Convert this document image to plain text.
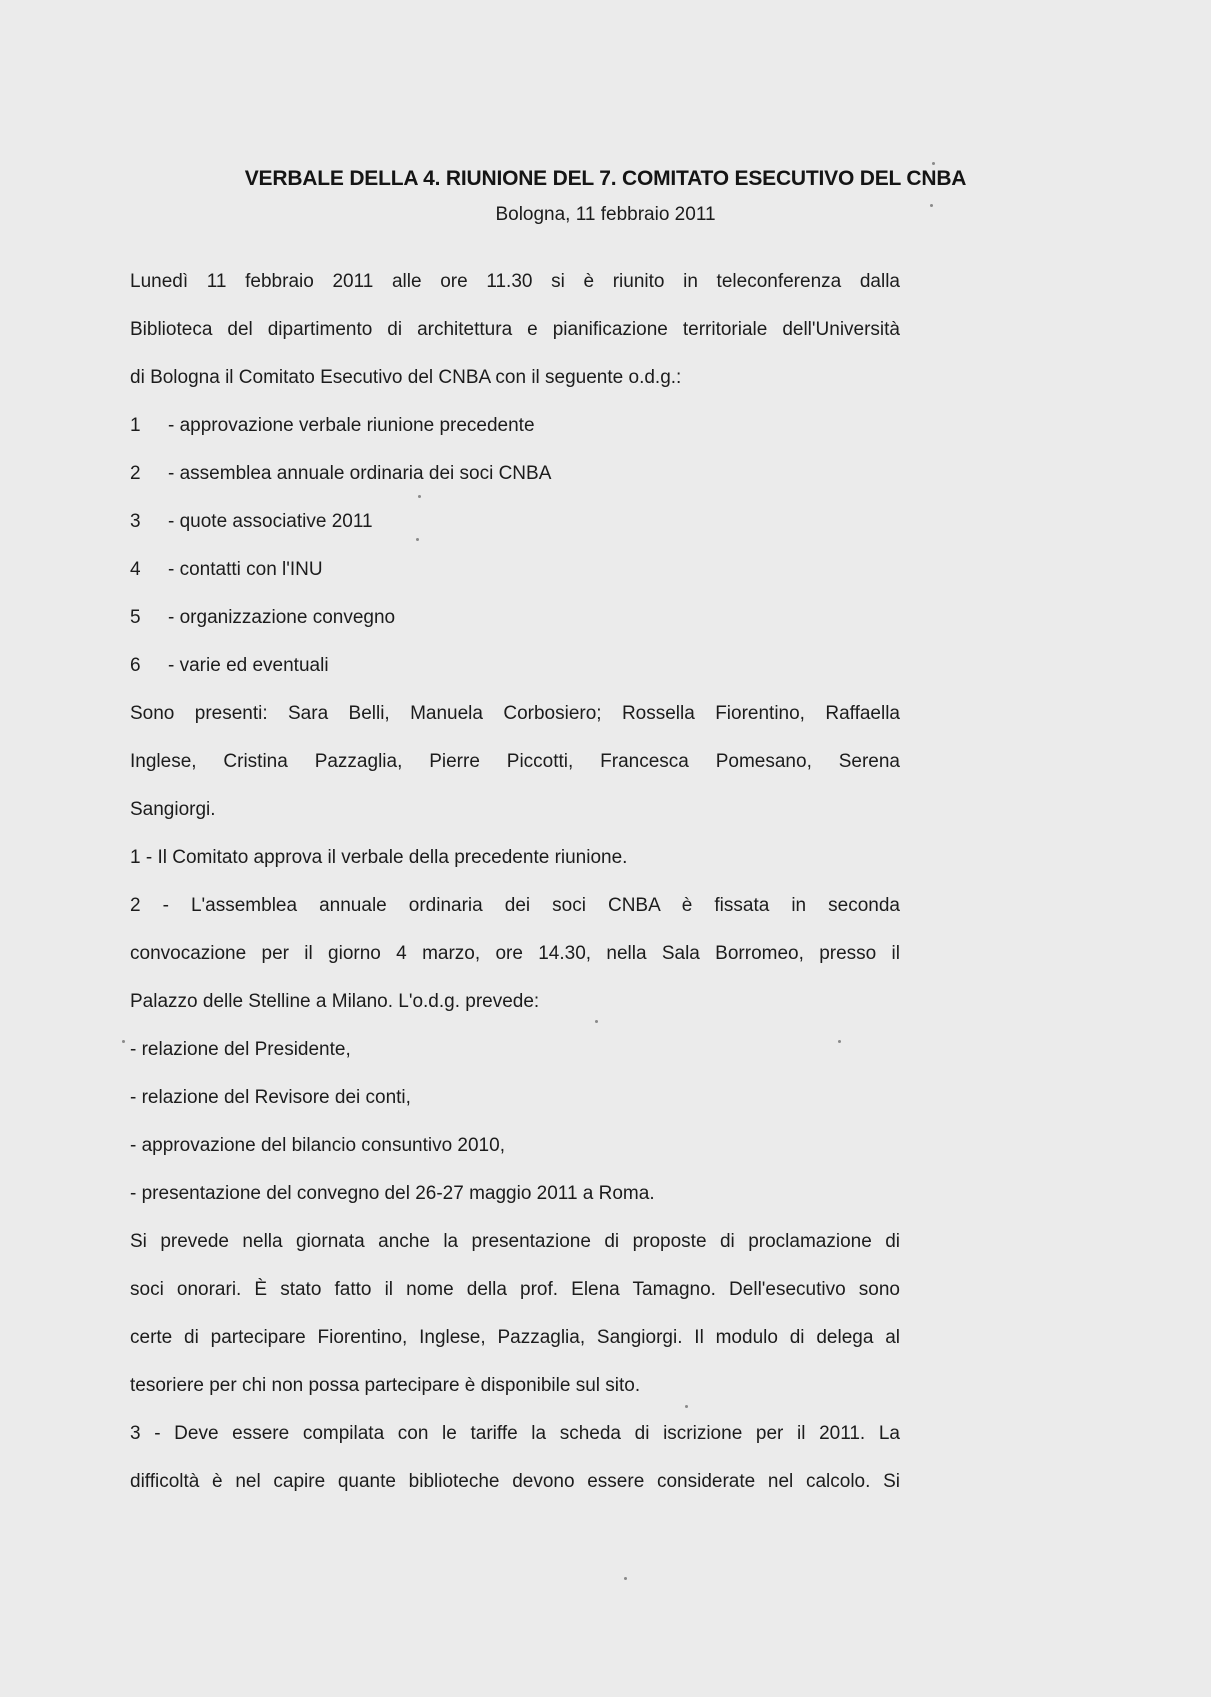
VERBALE DELLA 4. RIUNIONE DEL 7. COMITATO ESECUTIVO DEL CNBA
Bologna, 11 febbraio 2011
Lunedì 11 febbraio 2011 alle ore 11.30 si è riunito in teleconferenza dalla
Biblioteca del dipartimento di architettura e pianificazione territoriale dell'Università
di Bologna il Comitato Esecutivo del CNBA con il seguente o.d.g.:
1	- approvazione verbale riunione precedente
2	- assemblea annuale ordinaria dei soci CNBA
3	- quote associative 2011
4	- contatti con l'INU
5	- organizzazione convegno
6	- varie ed eventuali
Sono presenti: Sara Belli, Manuela Corbosiero; Rossella Fiorentino, Raffaella
Inglese, Cristina Pazzaglia, Pierre Piccotti, Francesca Pomesano, Serena
Sangiorgi.
1 - Il Comitato approva il verbale della precedente riunione.
2 - L'assemblea annuale ordinaria dei soci CNBA è fissata in seconda
convocazione per il giorno 4 marzo, ore 14.30, nella Sala Borromeo, presso il
Palazzo delle Stelline a Milano. L'o.d.g. prevede:
- relazione del Presidente,
- relazione del Revisore dei conti,
- approvazione del bilancio consuntivo 2010,
- presentazione del convegno del 26-27 maggio 2011 a Roma.
Si prevede nella giornata anche la presentazione di proposte di proclamazione di
soci onorari. È stato fatto il nome della prof. Elena Tamagno. Dell'esecutivo sono
certe di partecipare Fiorentino, Inglese, Pazzaglia, Sangiorgi. Il modulo di delega al
tesoriere per chi non possa partecipare è disponibile sul sito.
3 - Deve essere compilata con le tariffe la scheda di iscrizione per il 2011. La
difficoltà è nel capire quante biblioteche devono essere considerate nel calcolo. Si
